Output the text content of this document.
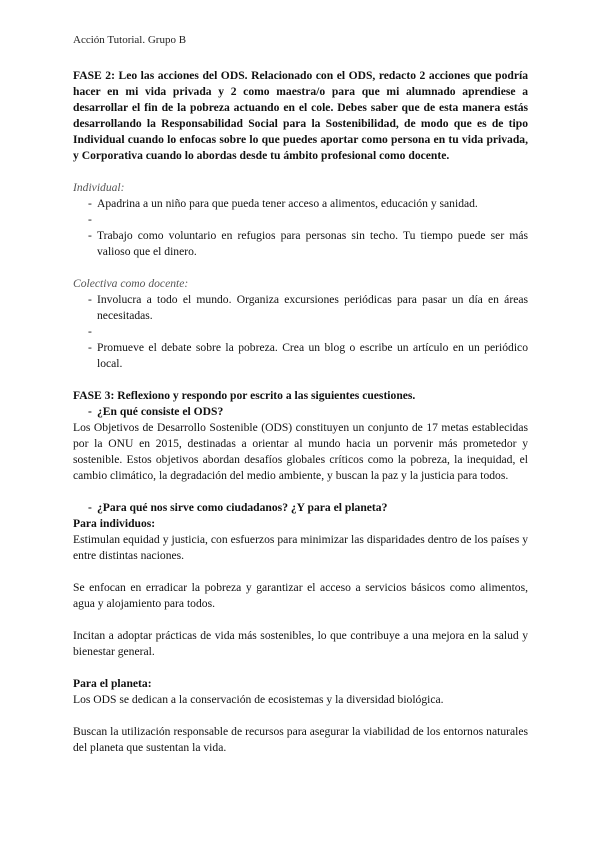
Acción Tutorial. Grupo B

FASE 2: Leo las acciones del ODS. Relacionado con el ODS, redacto 2 acciones que podría hacer en mi vida privada y 2 como maestra/o para que mi alumnado aprendiese a desarrollar el fin de la pobreza actuando en el cole. Debes saber que de esta manera estás desarrollando la Responsabilidad Social para la Sostenibilidad, de modo que es de tipo Individual cuando lo enfocas sobre lo que puedes aportar como persona en tu vida privada, y Corporativa cuando lo abordas desde tu ámbito profesional como docente.

Individual:

- Apadrina a un niño para que pueda tener acceso a alimentos, educación y sanidad.
-
- Trabajo como voluntario en refugios para personas sin techo. Tu tiempo puede ser más valioso que el dinero.

Colectiva como docente:

- Involucra a todo el mundo. Organiza excursiones periódicas para pasar un día en áreas necesitadas.
-
- Promueve el debate sobre la pobreza. Crea un blog o escribe un artículo en un periódico local.

FASE 3: Reflexiono y respondo por escrito a las siguientes cuestiones.

- ¿En qué consiste el ODS?

Los Objetivos de Desarrollo Sostenible (ODS) constituyen un conjunto de 17 metas establecidas por la ONU en 2015, destinadas a orientar al mundo hacia un porvenir más prometedor y sostenible. Estos objetivos abordan desafíos globales críticos como la pobreza, la inequidad, el cambio climático, la degradación del medio ambiente, y buscan la paz y la justicia para todos.

- ¿Para qué nos sirve como ciudadanos? ¿Y para el planeta?

Para individuos:

Estimulan equidad y justicia, con esfuerzos para minimizar las disparidades dentro de los países y entre distintas naciones.

Se enfocan en erradicar la pobreza y garantizar el acceso a servicios básicos como alimentos, agua y alojamiento para todos.

Incitan a adoptar prácticas de vida más sostenibles, lo que contribuye a una mejora en la salud y bienestar general.

Para el planeta:

Los ODS se dedican a la conservación de ecosistemas y la diversidad biológica.

Buscan la utilización responsable de recursos para asegurar la viabilidad de los entornos naturales del planeta que sustentan la vida.
